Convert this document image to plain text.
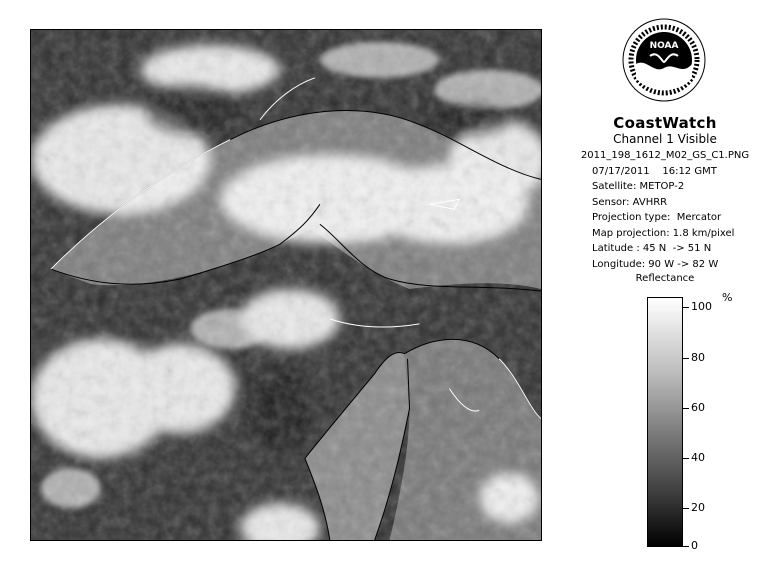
NOAA
CoastWatch
Channel 1 Visible
2011_198_1612_M02_GS_C1.PNG
07/17/2011    16:12 GMT
Satellite: METOP-2
Sensor: AVHRR
Projection type:  Mercator
Map projection: 1.8 km/pixel
Latitude : 45 N  -> 51 N
Longitude: 90 W -> 82 W
Reflectance
%
100
80
60
40
20
0
